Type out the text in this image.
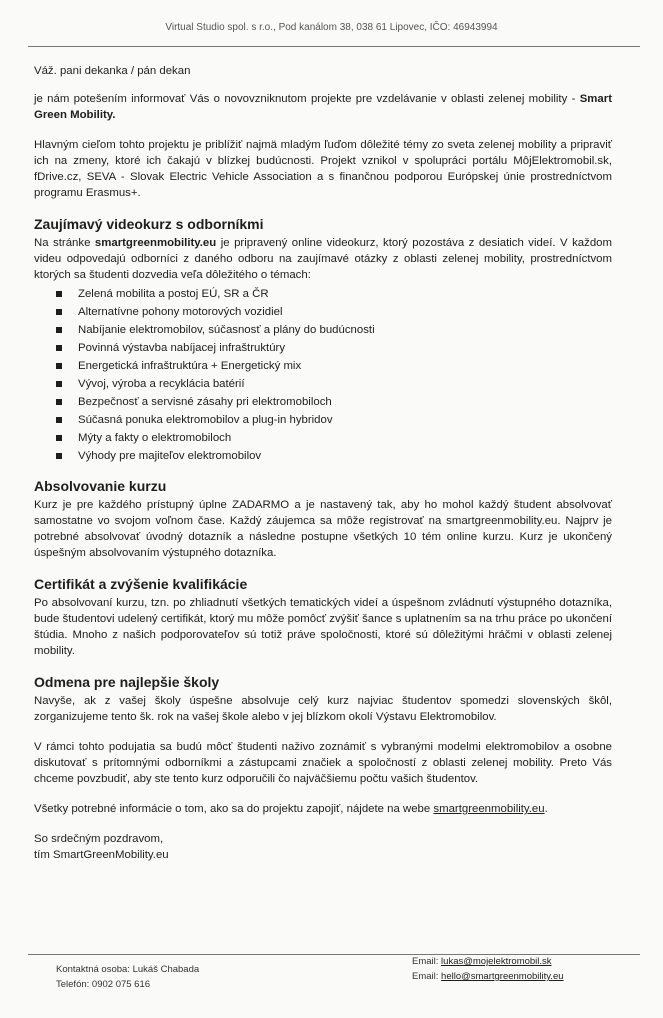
Virtual Studio spol. s r.o., Pod kanálom 38, 038 61 Lipovec, IČO: 46943994

Váž. pani dekanka / pán dekan

je nám potešením informovať Vás o novovzniknutom projekte pre vzdelávanie v oblasti zelenej mobility - Smart Green Mobility.

Hlavným cieľom tohto projektu je priblížiť najmä mladým ľuďom dôležité témy zo sveta zelenej mobility a pripraviť ich na zmeny, ktoré ich čakajú v blízkej budúcnosti. Projekt vznikol v spolupráci portálu MôjElektromobil.sk, fDrive.cz, SEVA - Slovak Electric Vehicle Association a s finančnou podporou Európskej únie prostredníctvom programu Erasmus+.

Zaujímavý videokurz s odborníkmi

Na stránke smartgreenmobility.eu je pripravený online videokurz, ktorý pozostáva z desiatich videí. V každom videu odpovedajú odborníci z daného odboru na zaujímavé otázky z oblasti zelenej mobility, prostredníctvom ktorých sa študenti dozvedia veľa dôležitého o témach:

Zelená mobilita a postoj EÚ, SR a ČR
Alternatívne pohony motorových vozidiel
Nabíjanie elektromobilov, súčasnosť a plány do budúcnosti
Povinná výstavba nabíjacej infraštruktúry
Energetická infraštruktúra + Energetický mix
Vývoj, výroba a recyklácia batérií
Bezpečnosť a servisné zásahy pri elektromobiloch
Súčasná ponuka elektromobilov a plug-in hybridov
Mýty a fakty o elektromobiloch
Výhody pre majiteľov elektromobilov
Absolvovanie kurzu

Kurz je pre každého prístupný úplne ZADARMO a je nastavený tak, aby ho mohol každý študent absolvovať samostatne vo svojom voľnom čase. Každý záujemca sa môže registrovať na smartgreenmobility.eu. Najprv je potrebné absolvovať úvodný dotazník a následne postupne všetkých 10 tém online kurzu. Kurz je ukončený úspešným absolvovaním výstupného dotazníka.

Certifikát a zvýšenie kvalifikácie

Po absolvovaní kurzu, tzn. po zhliadnutí všetkých tematických videí a úspešnom zvládnutí výstupného dotazníka, bude študentovi udelený certifikát, ktorý mu môže pomôcť zvýšiť šance s uplatnením sa na trhu práce po ukončení štúdia. Mnoho z našich podporovateľov sú totiž práve spoločnosti, ktoré sú dôležitými hráčmi v oblasti zelenej mobility.

Odmena pre najlepšie školy

Navyše, ak z vašej školy úspešne absolvuje celý kurz najviac študentov spomedzi slovenských škôl, zorganizujeme tento šk. rok na vašej škole alebo v jej blízkom okolí Výstavu Elektromobilov.

V rámci tohto podujatia sa budú môcť študenti naživo zoznámiť s vybranými modelmi elektromobilov a osobne diskutovať s prítomnými odborníkmi a zástupcami značiek a spoločností z oblasti zelenej mobility. Preto Vás chceme povzbudiť, aby ste tento kurz odporučili čo najväčšiemu počtu vašich študentov.

Všetky potrebné informácie o tom, ako sa do projektu zapojiť, nájdete na webe smartgreenmobility.eu.

So srdečným pozdravom,

tím SmartGreenMobility.eu

Kontaktná osoba: Lukáš Chabada
Telefón: 0902 075 616
Email: lukas@mojelektromobil.sk
Email: hello@smartgreenmobility.eu
